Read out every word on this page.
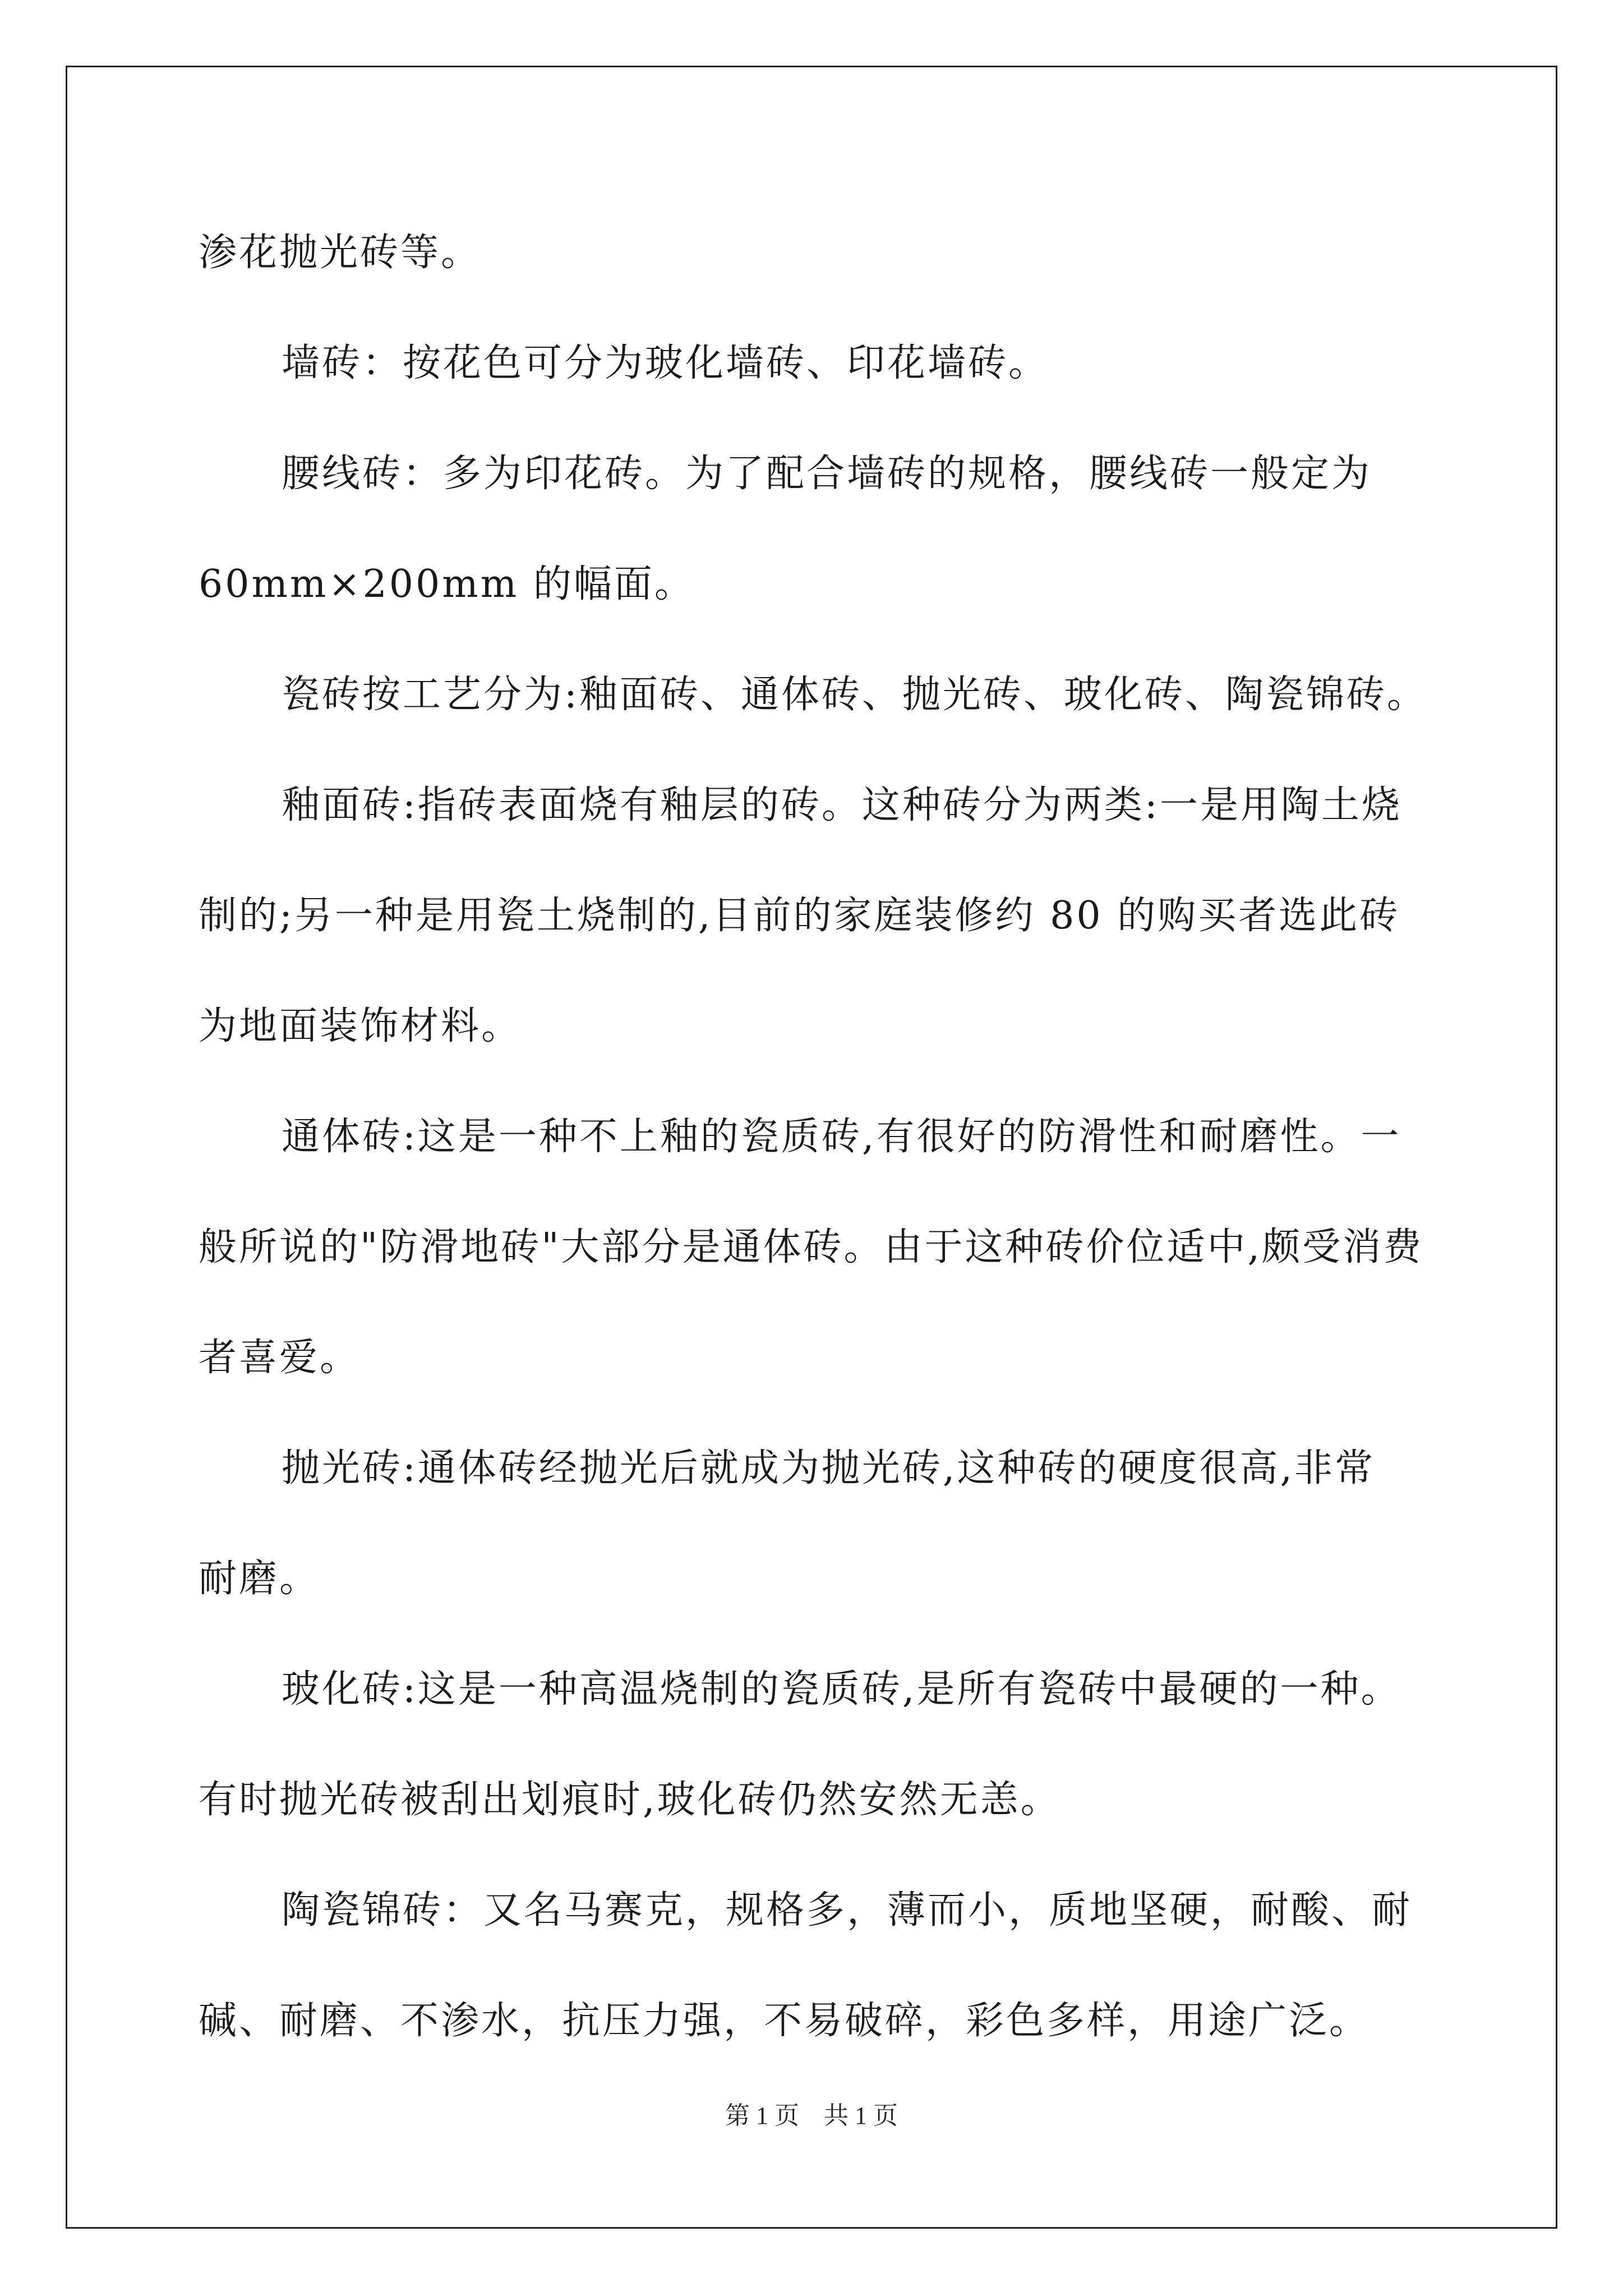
渗花抛光砖等。

墙砖：按花色可分为玻化墙砖、印花墙砖。

腰线砖：多为印花砖。为了配合墙砖的规格，腰线砖一般定为
60mm×200mm 的幅面。

瓷砖按工艺分为:釉面砖、通体砖、抛光砖、玻化砖、陶瓷锦砖。

釉面砖:指砖表面烧有釉层的砖。这种砖分为两类:一是用陶土烧
制的;另一种是用瓷土烧制的,目前的家庭装修约 80 的购买者选此砖
为地面装饰材料。

通体砖:这是一种不上釉的瓷质砖,有很好的防滑性和耐磨性。一
般所说的"防滑地砖"大部分是通体砖。由于这种砖价位适中,颇受消费
者喜爱。

抛光砖:通体砖经抛光后就成为抛光砖,这种砖的硬度很高,非常
耐磨。

玻化砖:这是一种高温烧制的瓷质砖,是所有瓷砖中最硬的一种。
有时抛光砖被刮出划痕时,玻化砖仍然安然无恙。

陶瓷锦砖：又名马赛克，规格多，薄而小，质地坚硬，耐酸、耐
碱、耐磨、不渗水，抗压力强，不易破碎，彩色多样，用途广泛。

第 1 页    共 1 页
